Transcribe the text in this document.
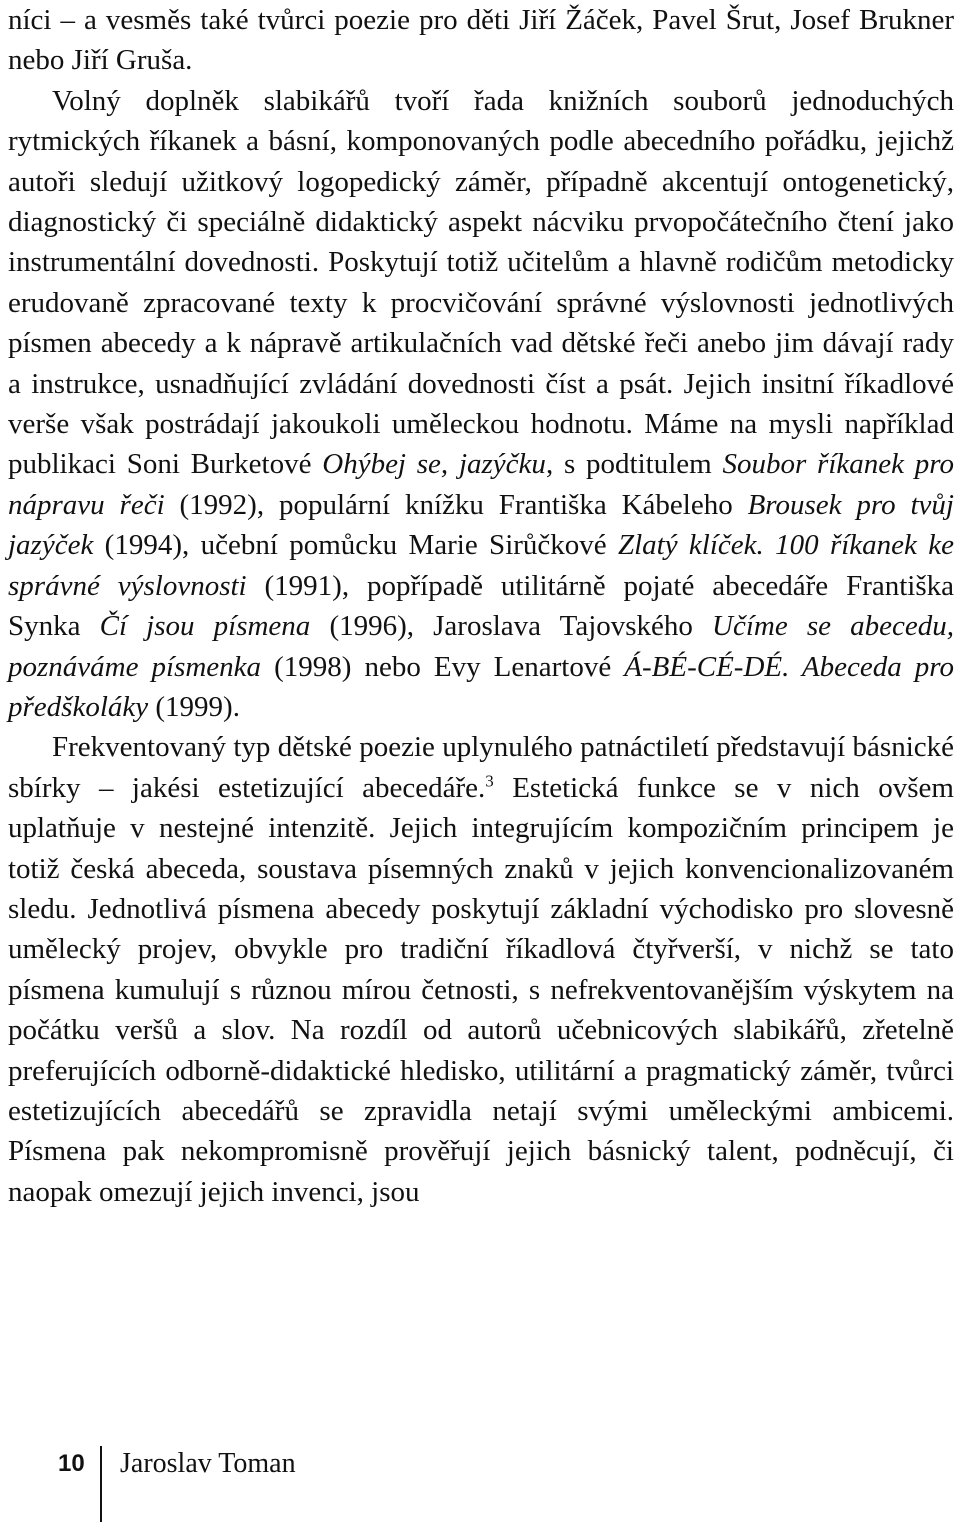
níci – a vesměs také tvůrci poezie pro děti Jiří Žáček, Pavel Šrut, Josef Brukner nebo Jiří Gruša.

Volný doplněk slabikářů tvoří řada knižních souborů jednoduchých rytmických říkanek a básní, komponovaných podle abecedního pořádku, jejichž autoři sledují užitkový logopedický záměr, případně akcentují ontogenetický, diagnostický či speciálně didaktický aspekt nácviku prvopočátečního čtení jako instrumentální dovednosti. Poskytují totiž učitelům a hlavně rodičům metodicky erudovaně zpracované texty k procvičování správné výslovnosti jednotlivých písmen abecedy a k nápravě artikulačních vad dětské řeči anebo jim dávají rady a instrukce, usnadňující zvládání dovednosti číst a psát. Jejich insitní říkadlové verše však postrádají jakoukoli uměleckou hodnotu. Máme na mysli například publikaci Soni Burketové Ohýbej se, jazýčku, s podtitulem Soubor říkanek pro nápravu řeči (1992), populární knížku Františka Kábeleho Brousek pro tvůj jazýček (1994), učební pomůcku Marie Sirůčkové Zlatý klíček. 100 říkanek ke správné výslovnosti (1991), popřípadě utilitárně pojaté abecedáře Františka Synka Čí jsou písmena (1996), Jaroslava Tajovského Učíme se abecedu, poznáváme písmenka (1998) nebo Evy Lenartové Á-BÉ-CÉ-DÉ. Abeceda pro předškoláky (1999).

Frekventovaný typ dětské poezie uplynulého patnáctiletí představují básnické sbírky – jakési estetizující abecedáře.$^3$ Estetická funkce se v nich ovšem uplatňuje v nestejné intenzitě. Jejich integrujícím kompozičním principem je totiž česká abeceda, soustava písemných znaků v jejich konvencionalizovaném sledu. Jednotlivá písmena abecedy poskytují základní východisko pro slovesně umělecký projev, obvykle pro tradiční říkadlová čtyřverší, v nichž se tato písmena kumulují s různou mírou četnosti, s nefrekventovanějším výskytem na počátku veršů a slov. Na rozdíl od autorů učebnicových slabikářů, zřetelně preferujících odborně-didaktické hledisko, utilitární a pragmatický záměr, tvůrci estetizujících abecedářů se zpravidla netají svými uměleckými ambicemi. Písmena pak nekompromisně prověřují jejich básnický talent, podněcují, či naopak omezují jejich invenci, jsou

10	Jaroslav Toman
